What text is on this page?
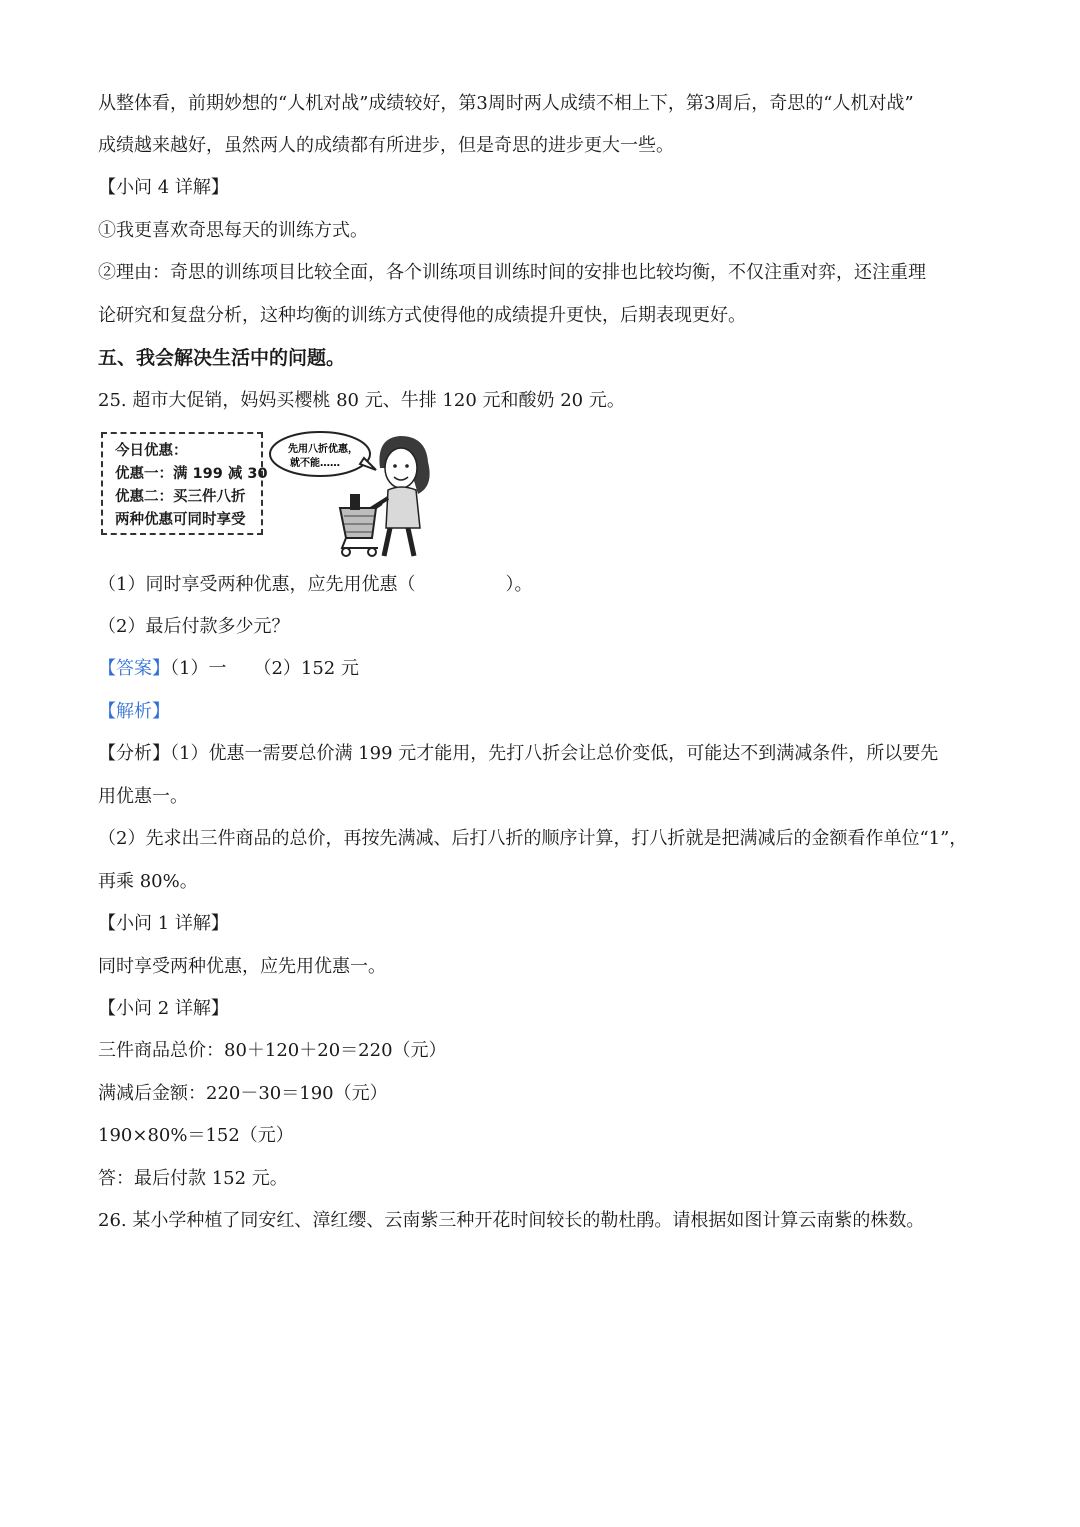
从整体看，前期妙想的“人机对战”成绩较好，第3周时两人成绩不相上下，第3周后，奇思的“人机对战”
成绩越来越好，虽然两人的成绩都有所进步，但是奇思的进步更大一些。
【小问 4 详解】
①我更喜欢奇思每天的训练方式。
②理由：奇思的训练项目比较全面，各个训练项目训练时间的安排也比较均衡，不仅注重对弈，还注重理
论研究和复盘分析，这种均衡的训练方式使得他的成绩提升更快，后期表现更好。
五、我会解决生活中的问题。
25. 超市大促销，妈妈买樱桃 80 元、牛排 120 元和酸奶 20 元。
今日优惠：
优惠一：满 199 减 30
优惠二：买三件八折
两种优惠可同时享受
先用八折优惠，
就不能……
（1）同时享受两种优惠，应先用优惠（　　　　　）。
（2）最后付款多少元？
【答案】（1）一　　（2）152 元
【解析】
【分析】（1）优惠一需要总价满 199 元才能用，先打八折会让总价变低，可能达不到满减条件，所以要先
用优惠一。
（2）先求出三件商品的总价，再按先满减、后打八折的顺序计算，打八折就是把满减后的金额看作单位“1”，
再乘 80%。
【小问 1 详解】
同时享受两种优惠，应先用优惠一。
【小问 2 详解】
三件商品总价：80＋120＋20＝220（元）
满减后金额：220－30＝190（元）
190×80%＝152（元）
答：最后付款 152 元。
26. 某小学种植了同安红、漳红缨、云南紫三种开花时间较长的勒杜鹃。请根据如图计算云南紫的株数。
